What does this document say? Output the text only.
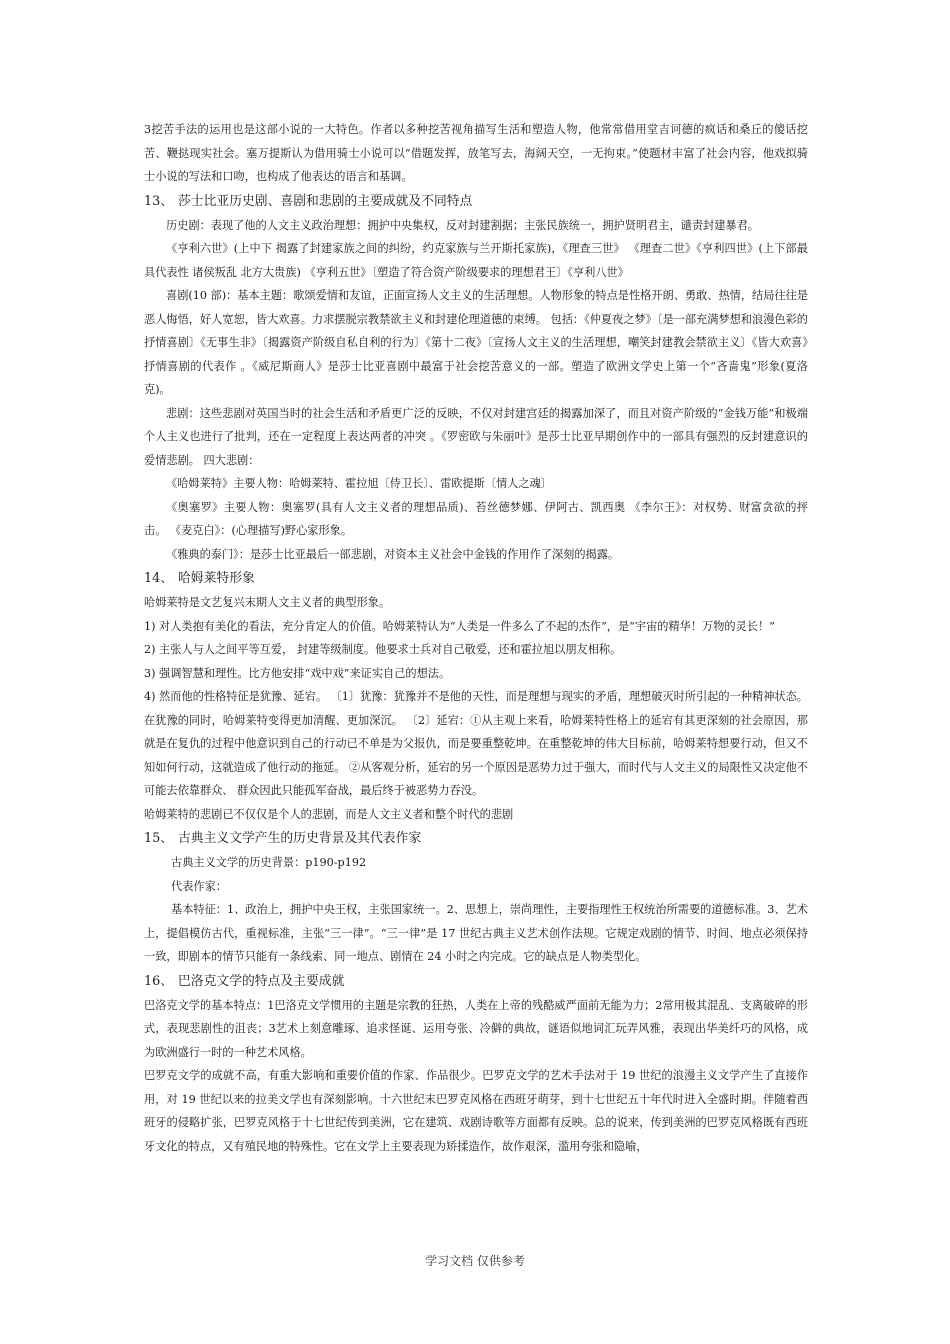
3挖苦手法的运用也是这部小说的一大特色。作者以多种挖苦视角描写生活和塑造人物，他常常借用堂吉诃德的疯话和桑丘的傻话挖苦、鞭挞现实社会。塞万提斯认为借用骑士小说可以“借题发挥，放笔写去，海阔天空，一无拘束。”使题材丰富了社会内容，他戏拟骑士小说的写法和口吻，也构成了他表达的语言和基调。

13、 莎士比亚历史剧、喜剧和悲剧的主要成就及不同特点

历史剧：表现了他的人文主义政治理想：拥护中央集权，反对封建割据；主张民族统一，拥护贤明君主，谴责封建暴君。

《亨利六世》(上中下 揭露了封建家族之间的纠纷，约克家族与兰开斯托家族)，《理查三世》 《理查二世》《亨利四世》(上下部最具代表性 诸侯叛乱 北方大贵族) 《亨利五世》〔塑造了符合资产阶级要求的理想君王〕《亨利八世》

喜剧(10 部)：基本主题：歌颂爱情和友谊，正面宣扬人文主义的生活理想。人物形象的特点是性格开朗、勇敢、热情，结局往往是恶人悔悟，好人宽恕，皆大欢喜。力求摆脱宗教禁欲主义和封建伦理道德的束缚。 包括：《仲夏夜之梦》〔是一部充满梦想和浪漫色彩的抒情喜剧〕《无事生非》〔揭露资产阶级自私自利的行为〕《第十二夜》〔宣扬人文主义的生活理想，嘲笑封建教会禁欲主义〕《皆大欢喜》抒情喜剧的代表作 。《威尼斯商人》是莎士比亚喜剧中最富于社会挖苦意义的一部。塑造了欧洲文学史上第一个“吝啬鬼”形象(夏洛克)。

悲剧：这些悲剧对英国当时的社会生活和矛盾更广泛的反映，不仅对封建宫廷的揭露加深了，而且对资产阶级的“金钱万能”和极端个人主义也进行了批判，还在一定程度上表达两者的冲突 。《罗密欧与朱丽叶》是莎士比亚早期创作中的一部具有强烈的反封建意识的爱情悲剧。 四大悲剧：

《哈姆莱特》主要人物：哈姆莱特、霍拉旭〔侍卫长〕、雷欧提斯〔情人之魂〕

《奥塞罗》主要人物：奥塞罗(具有人文主义者的理想品质)、苔丝德梦娜、伊阿古、凯西奥 《李尔王》：对权势、财富贪欲的抨击。 《麦克白》：(心理描写)野心家形象。

《雅典的泰门》：是莎士比亚最后一部悲剧，对资本主义社会中金钱的作用作了深刻的揭露。

14、 哈姆莱特形象

哈姆莱特是文艺复兴末期人文主义者的典型形象。

1) 对人类抱有美化的看法，充分肯定人的价值。哈姆莱特认为“人类是一件多么了不起的杰作”，是“宇宙的精华！万物的灵长！”

2) 主张人与人之间平等互爱， 封建等级制度。他要求士兵对自己敬爱，还和霍拉旭以朋友相称。

3) 强调智慧和理性。比方他安排“戏中戏”来证实自己的想法。

4) 然而他的性格特征是犹豫、延宕。 〔1〕犹豫：犹豫并不是他的天性，而是理想与现实的矛盾，理想破灭时所引起的一种精神状态。在犹豫的同时，哈姆莱特变得更加清醒、更加深沉。 〔2〕延宕：①从主观上来看，哈姆莱特性格上的延宕有其更深刻的社会原因，那就是在复仇的过程中他意识到自己的行动已不单是为父报仇，而是要重整乾坤。在重整乾坤的伟大目标前，哈姆莱特想要行动，但又不知如何行动，这就造成了他行动的拖延。 ②从客观分析，延宕的另一个原因是恶势力过于强大，而时代与人文主义的局限性又决定他不可能去依靠群众、 群众因此只能孤军奋战，最后终于被恶势力吞没。

哈姆莱特的悲剧已不仅仅是个人的悲剧，而是人文主义者和整个时代的悲剧

15、 古典主义文学产生的历史背景及其代表作家

古典主义文学的历史背景：p190-p192

代表作家：

基本特征：1、政治上，拥护中央王权，主张国家统一。2、思想上，崇尚理性，主要指理性王权统治所需要的道德标准。3、艺术上，提倡模仿古代，重视标准，主张“三一律”。“三一律”是 17 世纪古典主义艺术创作法规。它规定戏剧的情节、时间、地点必须保持一致，即剧本的情节只能有一条线索、同一地点、剧情在 24 小时之内完成。它的缺点是人物类型化。

16、 巴洛克文学的特点及主要成就

巴洛克文学的基本特点：1巴洛克文学惯用的主题是宗教的狂热，人类在上帝的残酷威严面前无能为力；2常用极其混乱、支离破碎的形式，表现悲剧性的沮丧；3艺术上刻意雕琢、追求怪诞、运用夸张、冷僻的典故，谜语似地词汇玩弄风雅，表现出华美纤巧的风格，成为欧洲盛行一时的一种艺术风格。

巴罗克文学的成就不高，有重大影响和重要价值的作家、作品很少。巴罗克文学的艺术手法对于 19 世纪的浪漫主义文学产生了直接作用，对 19 世纪以来的拉美文学也有深刻影响。十六世纪末巴罗克风格在西班牙萌芽，到十七世纪五十年代时进入全盛时期。伴随着西班牙的侵略扩张，巴罗克风格于十七世纪传到美洲，它在建筑、戏剧诗歌等方面都有反映。总的说来，传到美洲的巴罗克风格既有西班牙文化的特点，又有殖民地的特殊性。它在文学上主要表现为矫揉造作，故作艰深，滥用夸张和隐喻，

学习文档 仅供参考
